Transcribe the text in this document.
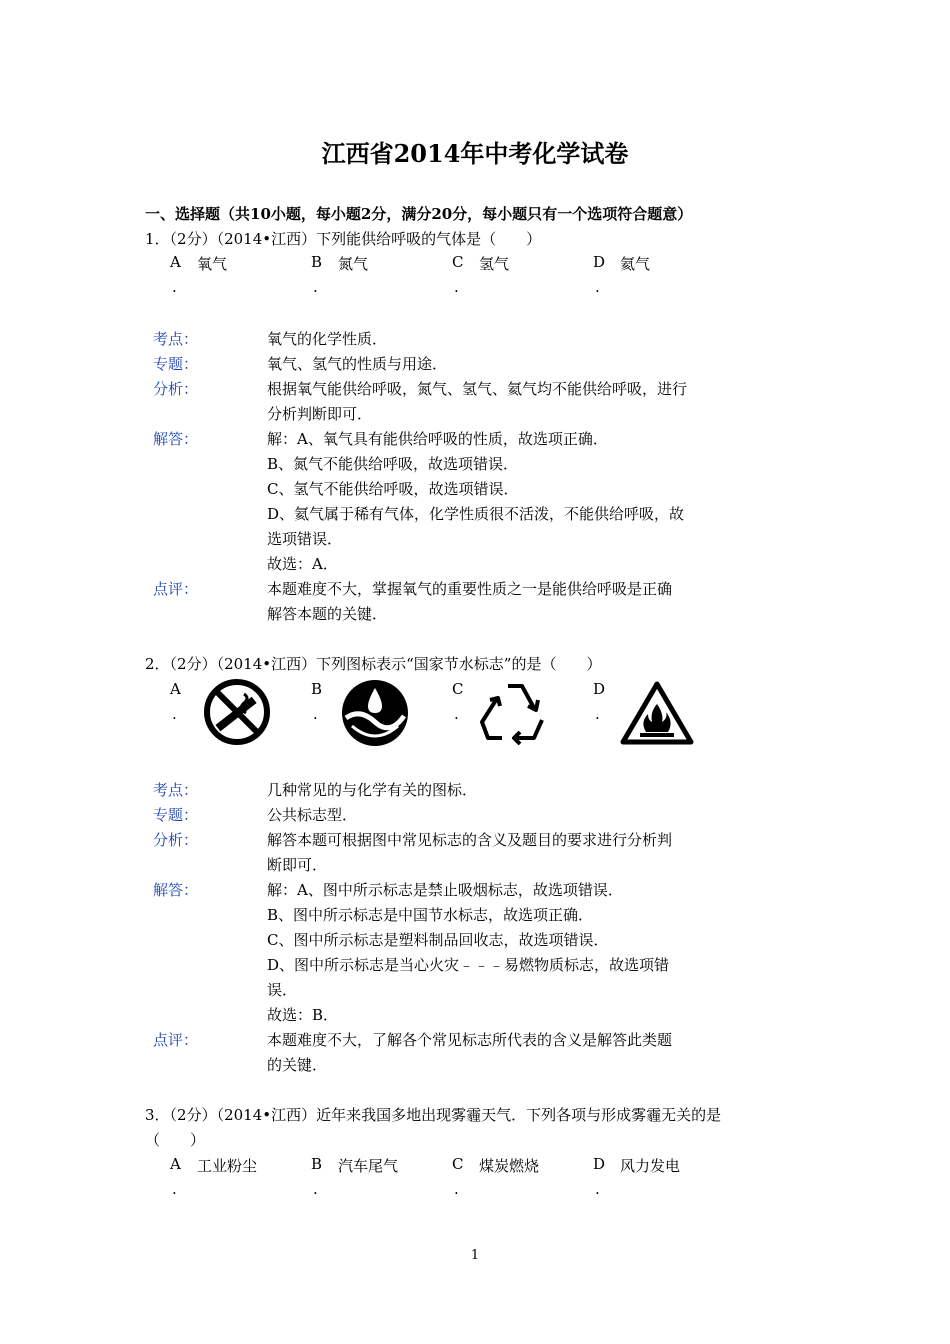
江西省2014年中考化学试卷
一、选择题（共10小题，每小题2分，满分20分，每小题只有一个选项符合题意）
1．（2分）（2014•江西）下列能供给呼吸的气体是（　　）
A 氧气
.
B 氮气
.
C 氢气
.
D 氦气
.
考点：	氧气的化学性质．
专题：	氧气、氢气的性质与用途．
分析：	根据氧气能供给呼吸，氮气、氢气、氦气均不能供给呼吸，进行
分析判断即可．
解答：	解：A、氧气具有能供给呼吸的性质，故选项正确．
B、氮气不能供给呼吸，故选项错误．
C、氢气不能供给呼吸，故选项错误．
D、氦气属于稀有气体，化学性质很不活泼，不能供给呼吸，故
选项错误．
故选：A．
点评：	本题难度不大，掌握氧气的重要性质之一是能供给呼吸是正确
解答本题的关键．
2．（2分）（2014•江西）下列图标表示“国家节水标志”的是（　　）
A
.
B
.
C
.
D
.
考点：	几种常见的与化学有关的图标．
专题：	公共标志型．
分析：	解答本题可根据图中常见标志的含义及题目的要求进行分析判
断即可．
解答：	解：A、图中所示标志是禁止吸烟标志，故选项错误．
B、图中所示标志是中国节水标志，故选项正确．
C、图中所示标志是塑料制品回收志，故选项错误．
D、图中所示标志是当心火灾﹣﹣﹣易燃物质标志，故选项错
误．
故选：B．
点评：	本题难度不大，了解各个常见标志所代表的含义是解答此类题
的关键．
3．（2分）（2014•江西）近年来我国多地出现雾霾天气．下列各项与形成雾霾无关的是
（　　）
A 工业粉尘
.
B 汽车尾气
.
C 煤炭燃烧
.
D 风力发电
.
1
